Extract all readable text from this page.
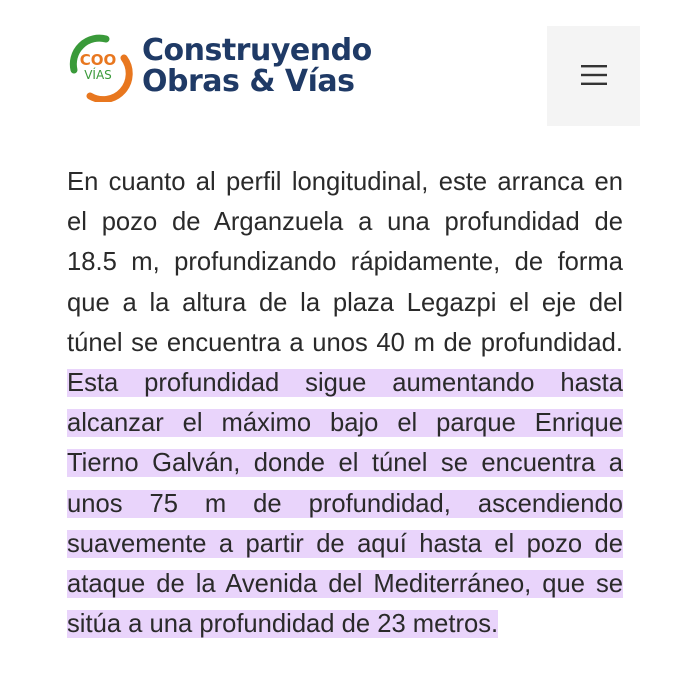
COO
VÍAS
Construyendo
Obras & Vías

En cuanto al perfil longitudinal, este arranca en el pozo de Arganzuela a una profundidad de 18.5 m, profundizando rápidamente, de forma que a la altura de la plaza Legazpi el eje del túnel se encuentra a unos 40 m de profundidad. Esta profundidad sigue aumentando hasta alcanzar el máximo bajo el parque Enrique Tierno Galván, donde el túnel se encuentra a unos 75 m de profundidad, ascendiendo suavemente a partir de aquí hasta el pozo de ataque de la Avenida del Mediterráneo, que se sitúa a una profundidad de 23 metros.
